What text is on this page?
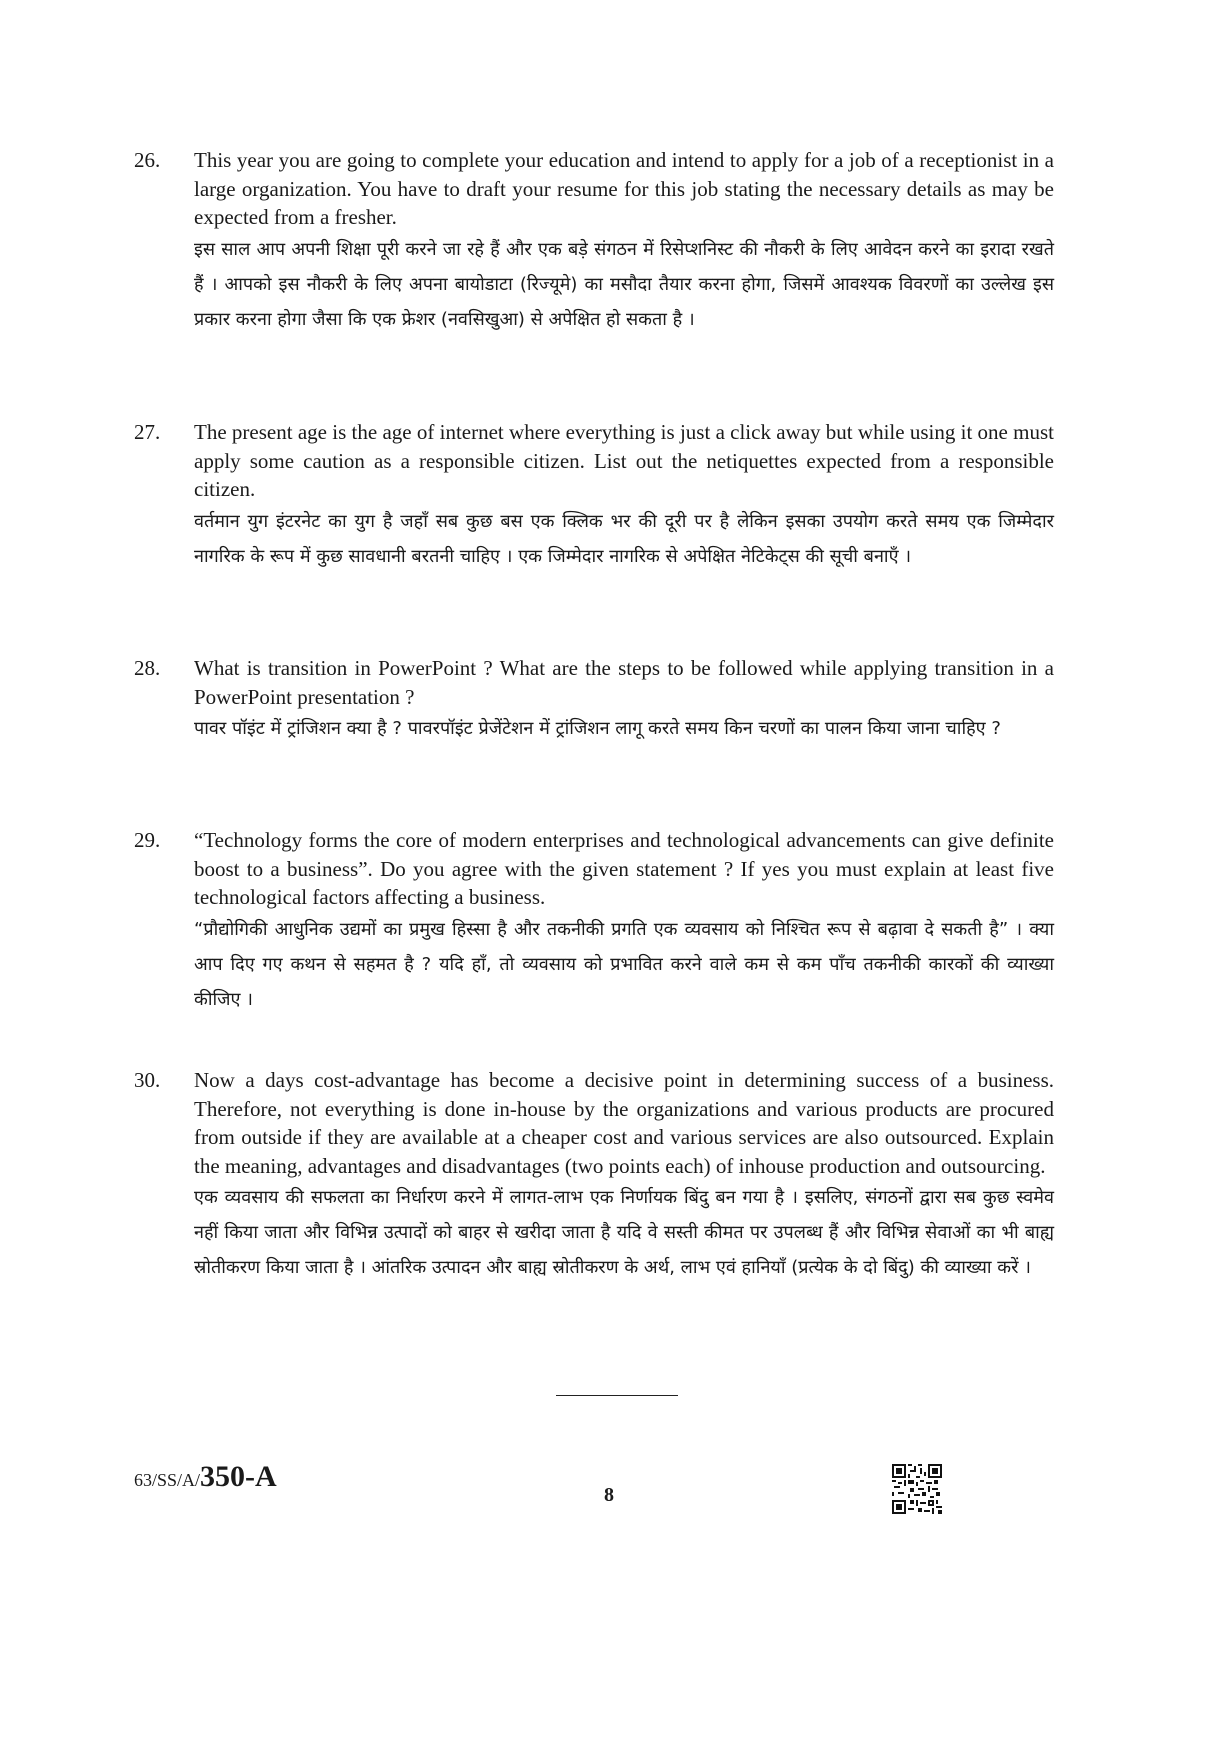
26. This year you are going to complete your education and intend to apply for a job of a receptionist in a large organization. You have to draft your resume for this job stating the necessary details as may be expected from a fresher.

इस साल आप अपनी शिक्षा पूरी करने जा रहे हैं और एक बड़े संगठन में रिसेप्शनिस्ट की नौकरी के लिए आवेदन करने का इरादा रखते हैं । आपको इस नौकरी के लिए अपना बायोडाटा (रिज्यूमे) का मसौदा तैयार करना होगा, जिसमें आवश्यक विवरणों का उल्लेख इस प्रकार करना होगा जैसा कि एक फ्रेशर (नवसिखुआ) से अपेक्षित हो सकता है ।

27. The present age is the age of internet where everything is just a click away but while using it one must apply some caution as a responsible citizen. List out the netiquettes expected from a responsible citizen.

वर्तमान युग इंटरनेट का युग है जहाँ सब कुछ बस एक क्लिक भर की दूरी पर है लेकिन इसका उपयोग करते समय एक जिम्मेदार नागरिक के रूप में कुछ सावधानी बरतनी चाहिए । एक जिम्मेदार नागरिक से अपेक्षित नेटिकेट्स की सूची बनाएँ ।

28. What is transition in PowerPoint ? What are the steps to be followed while applying transition in a PowerPoint presentation ?

पावर पॉइंट में ट्रांजिशन क्या है ? पावरपॉइंट प्रेजेंटेशन में ट्रांजिशन लागू करते समय किन चरणों का पालन किया जाना चाहिए ?

29. “Technology forms the core of modern enterprises and technological advancements can give definite boost to a business”. Do you agree with the given statement ? If yes you must explain at least five technological factors affecting a business.

“प्रौद्योगिकी आधुनिक उद्यमों का प्रमुख हिस्सा है और तकनीकी प्रगति एक व्यवसाय को निश्चित रूप से बढ़ावा दे सकती है” । क्या आप दिए गए कथन से सहमत है ? यदि हाँ, तो व्यवसाय को प्रभावित करने वाले कम से कम पाँच तकनीकी कारकों की व्याख्या कीजिए ।

30. Now a days cost-advantage has become a decisive point in determining success of a business. Therefore, not everything is done in-house by the organizations and various products are procured from outside if they are available at a cheaper cost and various services are also outsourced. Explain the meaning, advantages and disadvantages (two points each) of inhouse production and outsourcing.

एक व्यवसाय की सफलता का निर्धारण करने में लागत-लाभ एक निर्णायक बिंदु बन गया है । इसलिए, संगठनों द्वारा सब कुछ स्वमेव नहीं किया जाता और विभिन्न उत्पादों को बाहर से खरीदा जाता है यदि वे सस्ती कीमत पर उपलब्ध हैं और विभिन्न सेवाओं का भी बाह्य स्रोतीकरण किया जाता है । आंतरिक उत्पादन और बाह्य स्रोतीकरण के अर्थ, लाभ एवं हानियाँ (प्रत्येक के दो बिंदु) की व्याख्या करें ।

63/SS/A/350-A
8
